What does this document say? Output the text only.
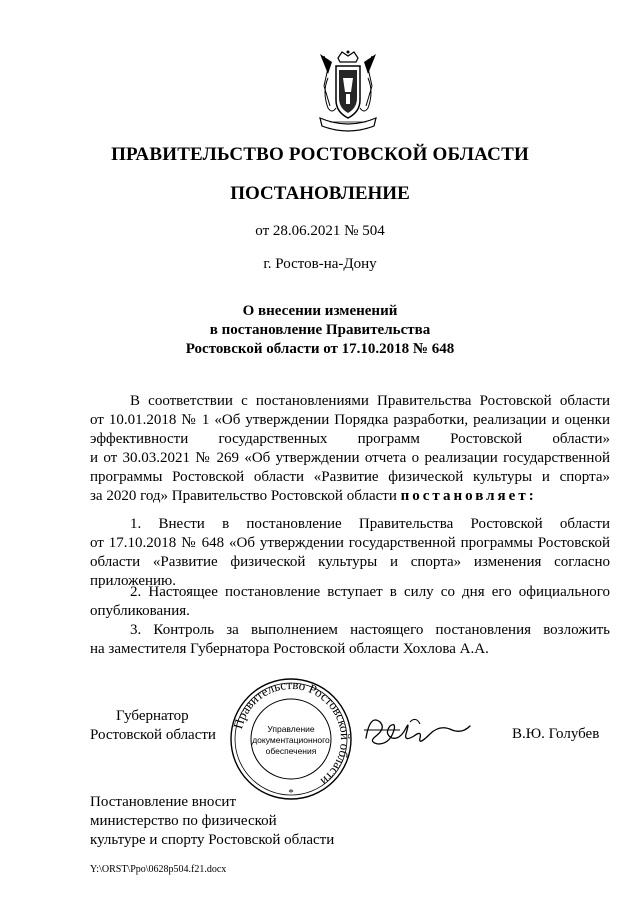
ПРАВИТЕЛЬСТВО РОСТОВСКОЙ ОБЛАСТИ
ПОСТАНОВЛЕНИЕ
от 28.06.2021 № 504
г. Ростов-на-Дону
О внесении изменений
в постановление Правительства
Ростовской области от 17.10.2018 № 648
В соответствии с постановлениями Правительства Ростовской области
от 10.01.2018 № 1 «Об утверждении Порядка разработки, реализации и оценки
эффективности государственных программ Ростовской области»
и от 30.03.2021 № 269 «Об утверждении отчета о реализации государственной
программы Ростовской области «Развитие физической культуры и спорта»
за 2020 год» Правительство Ростовской области постановляет:
1. Внести в постановление Правительства Ростовской области
от 17.10.2018 № 648 «Об утверждении государственной программы Ростовской
области «Развитие физической культуры и спорта» изменения согласно
приложению.
2. Настоящее постановление вступает в силу со дня его официального
опубликования.
3. Контроль за выполнением настоящего постановления возложить
на заместителя Губернатора Ростовской области Хохлова А.А.
Губернатор
Ростовской области
Правительство Ростовской области
Управление
документационного
обеспечения
*
В.Ю. Голубев
Постановление вносит
министерство по физической
культуре и спорту Ростовской области
Y:\ORST\Ppo\0628p504.f21.docx
